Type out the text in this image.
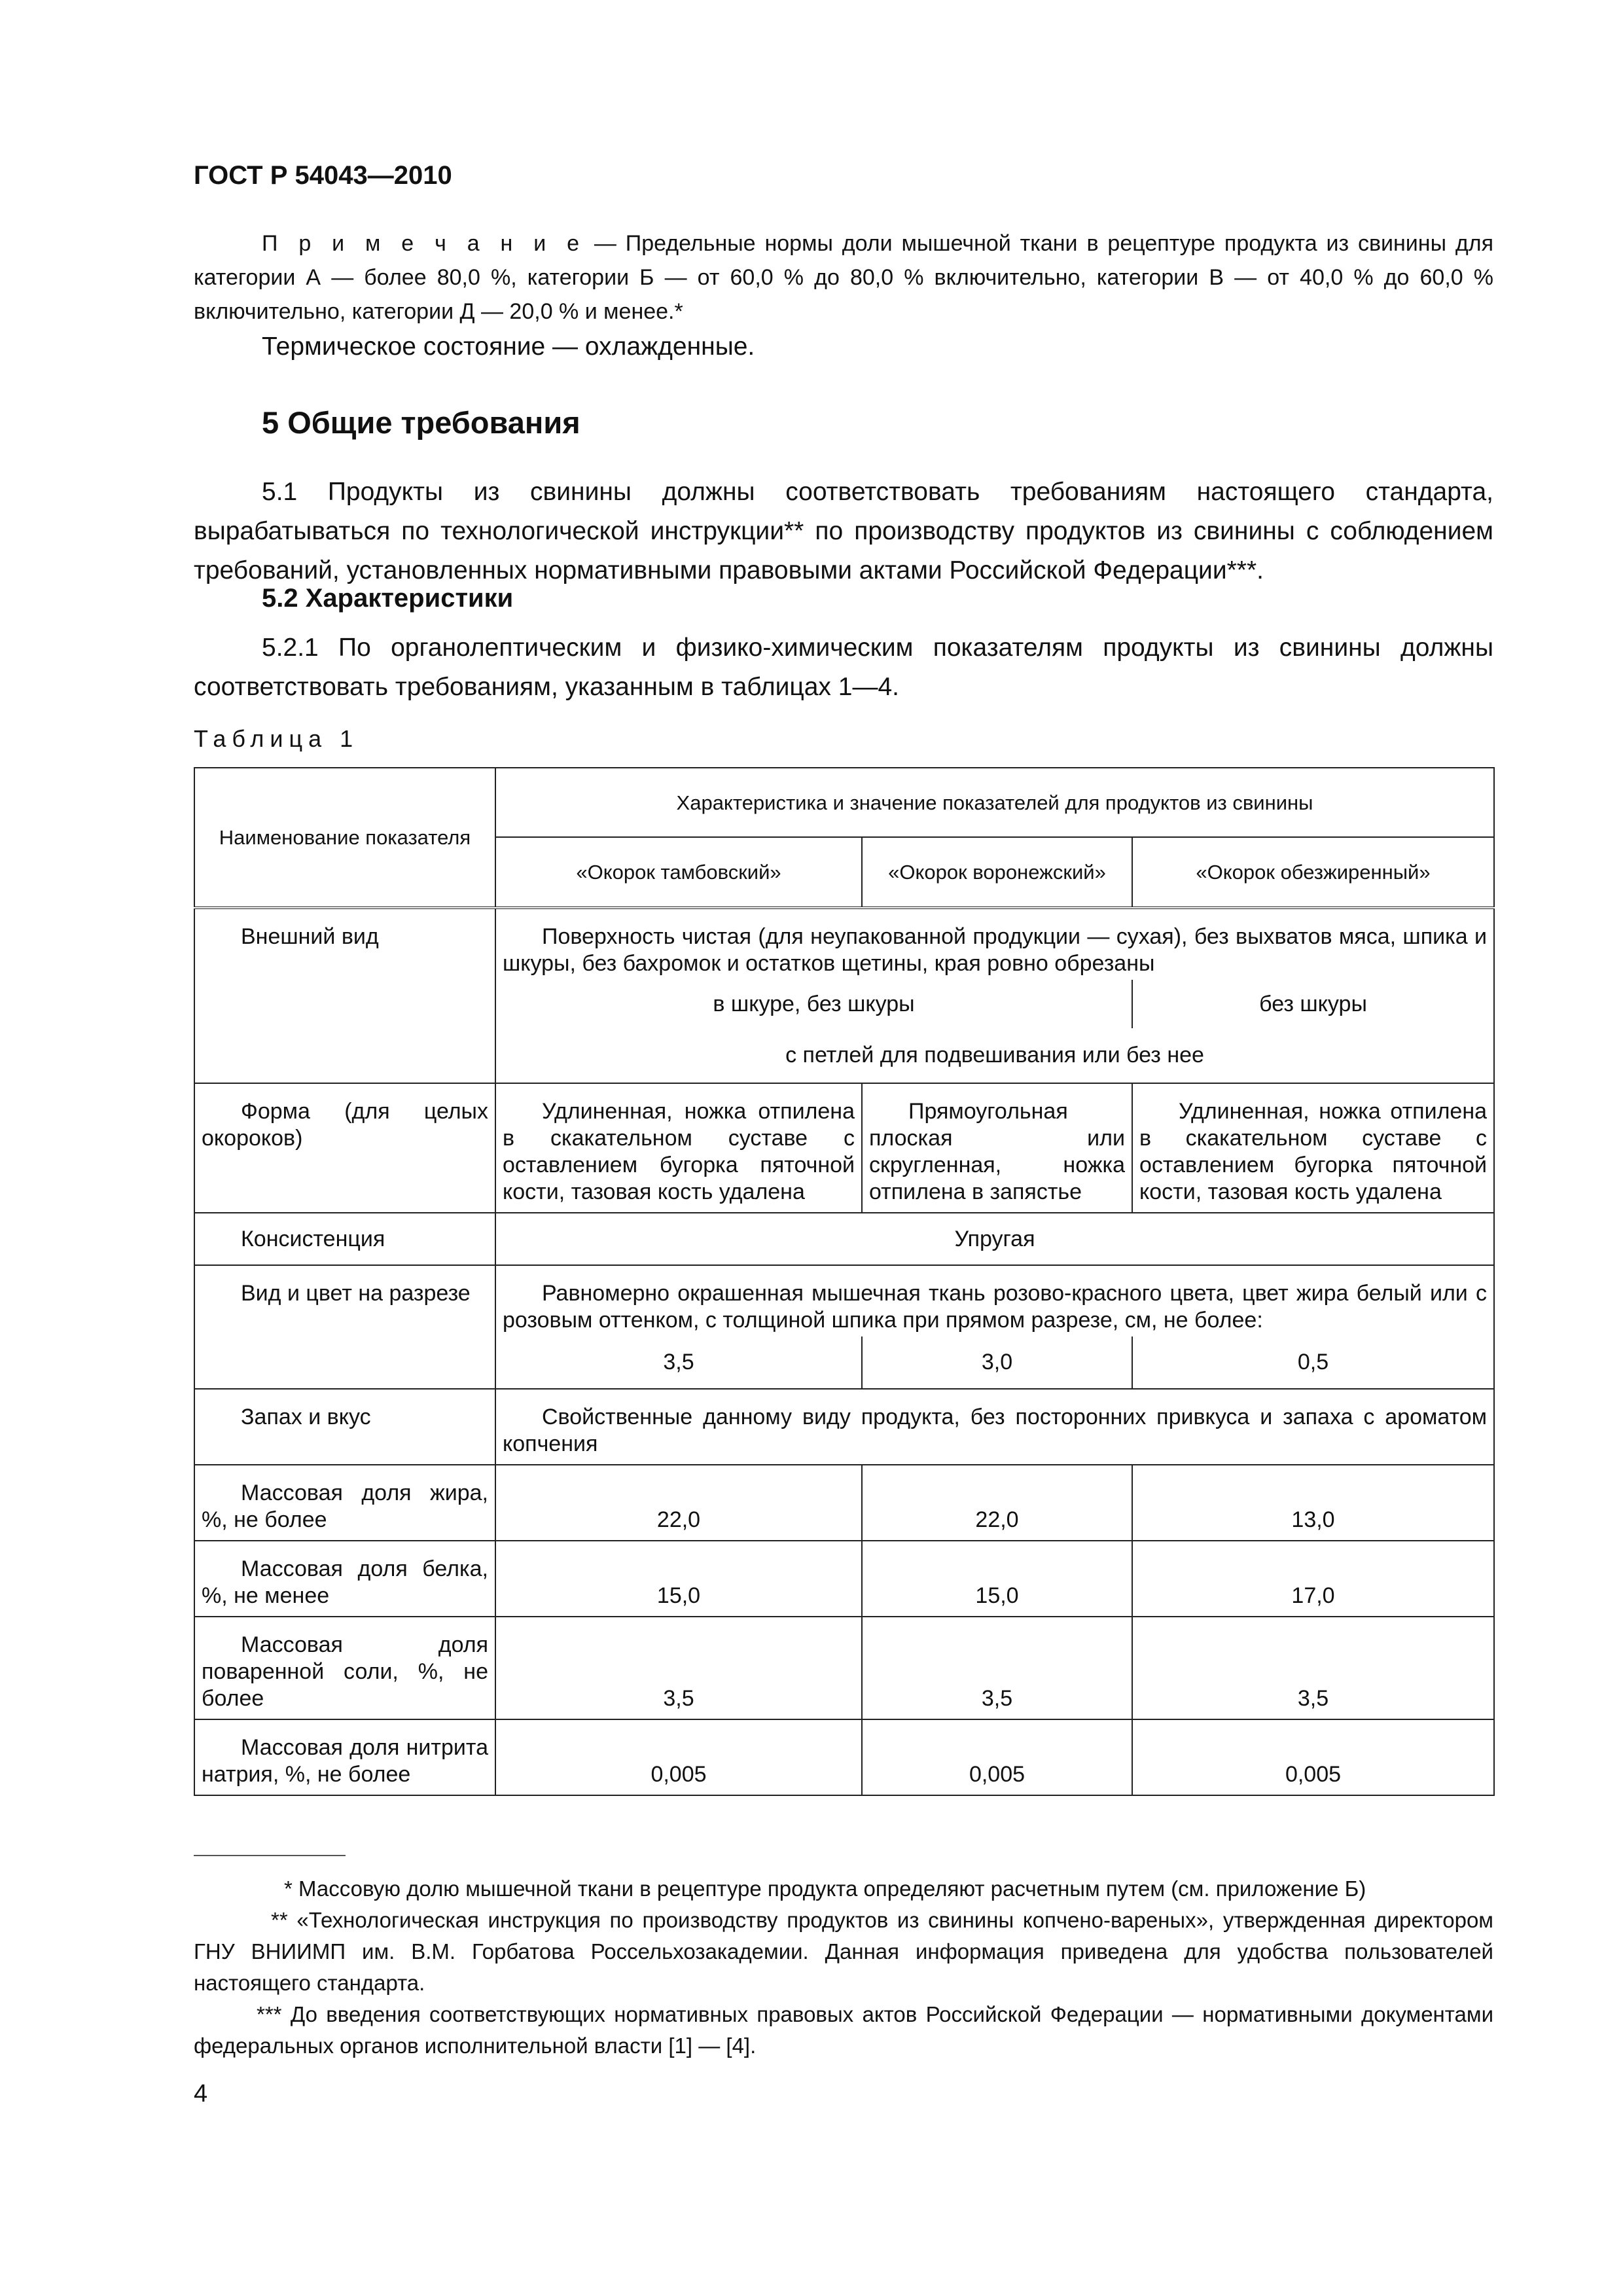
ГОСТ Р 54043—2010
П р и м е ч а н и е — Предельные нормы доли мышечной ткани в рецептуре продукта из свинины для категории А — более 80,0 %, категории Б — от 60,0 % до 80,0 % включительно, категории В — от 40,0 % до 60,0 % включительно, категории Д — 20,0 % и менее.*
Термическое состояние — охлажденные.
5 Общие требования
5.1 Продукты из свинины должны соответствовать требованиям настоящего стандарта, вырабатываться по технологической инструкции** по производству продуктов из свинины с соблюдением требований, установленных нормативными правовыми актами Российской Федерации***.
5.2 Характеристики
5.2.1 По органолептическим и физико-химическим показателям продукты из свинины должны соответствовать требованиям, указанным в таблицах 1—4.
Таблица 1
Наименование показателя	Характеристика и значение показателей для продуктов из свинины		
	«Окорок тамбовский»	«Окорок воронежский»	«Окорок обезжиренный»
Внешний вид	Поверхность чистая (для неупакованной продукции — сухая), без выхватов мяса, шпика и шкуры, без бахромок и остатков щетины, края ровно обрезаны		
	в шкуре, без шкуры		без шкуры
	с петлей для подвешивания или без нее		
Форма (для целых окороков)	Удлиненная, ножка отпилена в скакательном суставе с оставлением бугорка пяточной кости, тазовая кость удалена	Прямоугольная плоская или скругленная, ножка отпилена в запястье	Удлиненная, ножка отпилена в скакательном суставе с оставлением бугорка пяточной кости, тазовая кость удалена
Консистенция	Упругая		
Вид и цвет на разрезе	Равномерно окрашенная мышечная ткань розово-красного цвета, цвет жира белый или с розовым оттенком, с толщиной шпика при прямом разрезе, см, не более:		
	3,5	3,0	0,5
Запах и вкус	Свойственные данному виду продукта, без посторонних привкуса и запаха с ароматом копчения		
Массовая доля жира, %, не более	22,0	22,0	13,0
Массовая доля белка, %, не менее	15,0	15,0	17,0
Массовая доля поваренной соли, %, не более	3,5	3,5	3,5
Массовая доля нитрита натрия, %, не более	0,005	0,005	0,005
* Массовую долю мышечной ткани в рецептуре продукта определяют расчетным путем (см. приложение Б)
** «Технологическая инструкция по производству продуктов из свинины копчено-вареных», утвержденная директором ГНУ ВНИИМП им. В.М. Горбатова Россельхозакадемии. Данная информация приведена для удобства пользователей настоящего стандарта.
*** До введения соответствующих нормативных правовых актов Российской Федерации — нормативными документами федеральных органов исполнительной власти [1] — [4].
4
